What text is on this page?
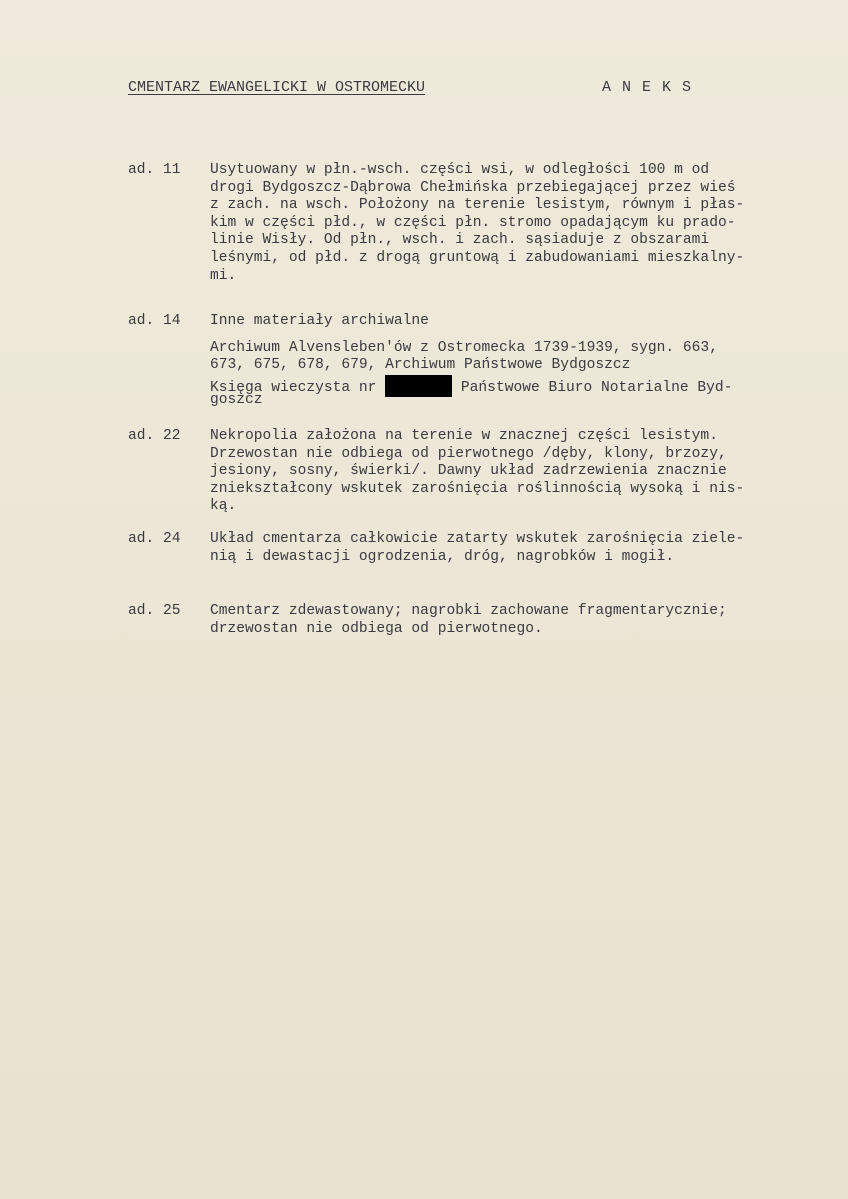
CMENTARZ EWANGELICKI W OSTROMECKU	ANEKS
ad. 11 Usytuowany w płn.-wsch. części wsi, w odległości 100 m od
drogi Bydgoszcz-Dąbrowa Chełmińska przebiegającej przez wieś
z zach. na wsch. Położony na terenie lesistym, równym i płas-
kim w części płd., w części płn. stromo opadającym ku prado-
linie Wisły. Od płn., wsch. i zach. sąsiaduje z obszarami
leśnymi, od płd. z drogą gruntową i zabudowaniami mieszkalny-
mi.
ad. 14 Inne materiały archiwalne
Archiwum Alvensleben'ów z Ostromecka 1739-1939, sygn. 663,
673, 675, 678, 679, Archiwum Państwowe Bydgoszcz
Księga wieczysta nr	Państwowe Biuro Notarialne Byd-
goszcz
ad. 22 Nekropolia założona na terenie w znacznej części lesistym.
Drzewostan nie odbiega od pierwotnego /dęby, klony, brzozy,
jesiony, sosny, świerki/. Dawny układ zadrzewienia znacznie
zniekształcony wskutek zarośnięcia roślinnością wysoką i nis-
ką.
ad. 24 Układ cmentarza całkowicie zatarty wskutek zarośnięcia ziele-
nią i dewastacji ogrodzenia, dróg, nagrobków i mogił.
ad. 25 Cmentarz zdewastowany; nagrobki zachowane fragmentarycznie;
drzewostan nie odbiega od pierwotnego.
